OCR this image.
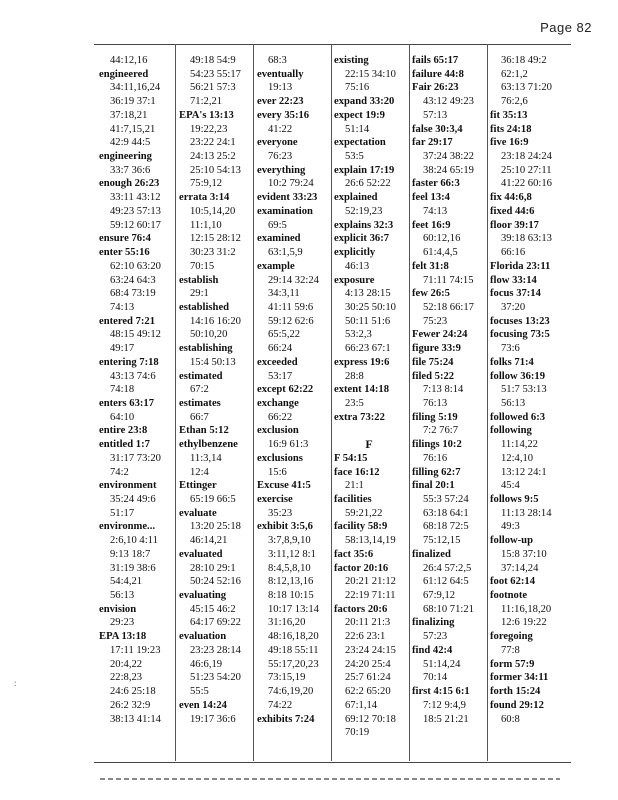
Page 82
44:12,16
engineered
34:11,16,24
36:19 37:1
37:18,21
41:7,15,21
42:9 44:5
engineering
33:7 36:6
enough 26:23
33:11 43:12
49:23 57:13
59:12 60:17
ensure 76:4
enter 55:16
62:10 63:20
63:24 64:3
68:4 73:19
74:13
entered 7:21
48:15 49:12
49:17
entering 7:18
43:13 74:6
74:18
enters 63:17
64:10
entire 23:8
entitled 1:7
31:17 73:20
74:2
environment
35:24 49:6
51:17
environme...
2:6,10 4:11
9:13 18:7
31:19 38:6
54:4,21
56:13
envision
29:23
EPA 13:18
17:11 19:23
20:4,22
22:8,23
24:6 25:18
26:2 32:9
38:13 41:14
49:18 54:9
54:23 55:17
56:21 57:3
71:2,21
EPA's 13:13
19:22,23
23:22 24:1
24:13 25:2
25:10 54:13
75:9,12
errata 3:14
10:5,14,20
11:1,10
12:15 28:12
30:23 31:2
70:15
establish
29:1
established
14:16 16:20
50:10,20
establishing
15:4 50:13
estimated
67:2
estimates
66:7
Ethan 5:12
ethylbenzene
11:3,14
12:4
Ettinger
65:19 66:5
evaluate
13:20 25:18
46:14,21
evaluated
28:10 29:1
50:24 52:16
evaluating
45:15 46:2
64:17 69:22
evaluation
23:23 28:14
46:6,19
51:23 54:20
55:5
even 14:24
19:17 36:6
68:3
eventually
19:13
ever 22:23
every 35:16
41:22
everyone
76:23
everything
10:2 79:24
evident 33:23
examination
69:5
examined
63:1,5,9
example
29:14 32:24
34:3,11
41:11 59:6
59:12 62:6
65:5,22
66:24
exceeded
53:17
except 62:22
exchange
66:22
exclusion
16:9 61:3
exclusions
15:6
Excuse 41:5
exercise
35:23
exhibit 3:5,6
3:7,8,9,10
3:11,12 8:1
8:4,5,8,10
8:12,13,16
8:18 10:15
10:17 13:14
31:16,20
48:16,18,20
49:18 55:11
55:17,20,23
73:15,19
74:6,19,20
74:22
exhibits 7:24
existing
22:15 34:10
75:16
expand 33:20
expect 19:9
51:14
expectation
53:5
explain 17:19
26:6 52:22
explained
52:19,23
explains 32:3
explicit 36:7
explicitly
46:13
exposure
4:13 28:15
30:25 50:10
50:11 51:6
53:2,3
66:23 67:1
express 19:6
28:8
extent 14:18
23:5
extra 73:22
F
F 54:15
face 16:12
21:1
facilities
59:21,22
facility 58:9
58:13,14,19
fact 35:6
factor 20:16
20:21 21:12
22:19 71:11
factors 20:6
20:11 21:3
22:6 23:1
23:24 24:15
24:20 25:4
25:7 61:24
62:2 65:20
67:1,14
69:12 70:18
70:19
fails 65:17
failure 44:8
Fair 26:23
43:12 49:23
57:13
false 30:3,4
far 29:17
37:24 38:22
38:24 65:19
faster 66:3
feel 13:4
74:13
feet 16:9
60:12,16
61:4,4,5
felt 31:8
71:11 74:15
few 26:5
52:18 66:17
75:23
Fewer 24:24
figure 33:9
file 75:24
filed 5:22
7:13 8:14
76:13
filing 5:19
7:2 76:7
filings 10:2
76:16
filling 62:7
final 20:1
55:3 57:24
63:18 64:1
68:18 72:5
75:12,15
finalized
26:4 57:2,5
61:12 64:5
67:9,12
68:10 71:21
finalizing
57:23
find 42:4
51:14,24
70:14
first 4:15 6:1
7:12 9:4,9
18:5 21:21
36:18 49:2
62:1,2
63:13 71:20
76:2,6
fit 35:13
fits 24:18
five 16:9
23:18 24:24
25:10 27:11
41:22 60:16
fix 44:6,8
fixed 44:6
floor 39:17
39:18 63:13
66:16
Florida 23:11
flow 33:14
focus 37:14
37:20
focuses 13:23
focusing 73:5
73:6
folks 71:4
follow 36:19
51:7 53:13
56:13
followed 6:3
following
11:14,22
12:4,10
13:12 24:1
45:4
follows 9:5
11:13 28:14
49:3
follow-up
15:8 37:10
37:14,24
foot 62:14
footnote
11:16,18,20
12:6 19:22
foregoing
77:8
form 57:9
former 34:11
forth 15:24
found 29:12
60:8
:
